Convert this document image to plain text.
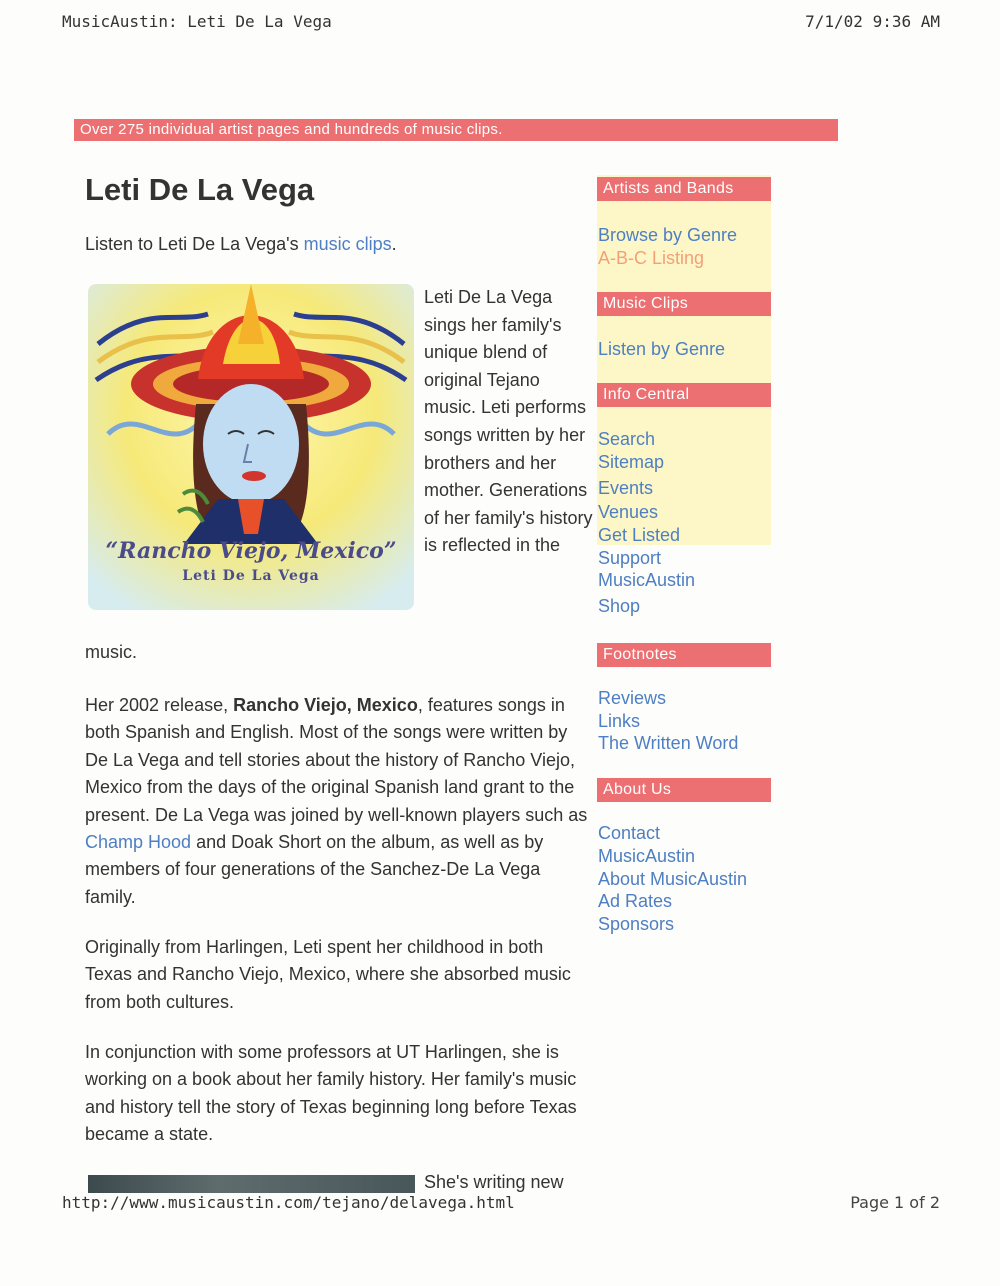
MusicAustin: Leti De La Vega	7/1/02 9:36 AM
Over 275 individual artist pages and hundreds of music clips.
Leti De La Vega
Listen to Leti De La Vega's music clips.
“Rancho Viejo, Mexico”
Leti De La Vega
Leti De La Vega sings her family's unique blend of original Tejano music. Leti performs songs written by her brothers and her mother. Generations of her family's history is reflected in the
music.

Her 2002 release, Rancho Viejo, Mexico, features songs in both Spanish and English. Most of the songs were written by De La Vega and tell stories about the history of Rancho Viejo, Mexico from the days of the original Spanish land grant to the present. De La Vega was joined by well-known players such as Champ Hood and Doak Short on the album, as well as by members of four generations of the Sanchez-De La Vega family.

Originally from Harlingen, Leti spent her childhood in both Texas and Rancho Viejo, Mexico, where she absorbed music from both cultures.

In conjunction with some professors at UT Harlingen, she is working on a book about her family history. Her family's music and history tell the story of Texas beginning long before Texas became a state.

She's writing new
Artists and Bands
Browse by Genre
A-B-C Listing
Music Clips
Listen by Genre
Info Central
Search
Sitemap
Events
Venues
Get Listed
Support
MusicAustin
Shop
Footnotes
Reviews
Links
The Written Word
About Us
Contact
MusicAustin
About MusicAustin
Ad Rates
Sponsors
http://www.musicaustin.com/tejano/delavega.html	Page 1 of 2
